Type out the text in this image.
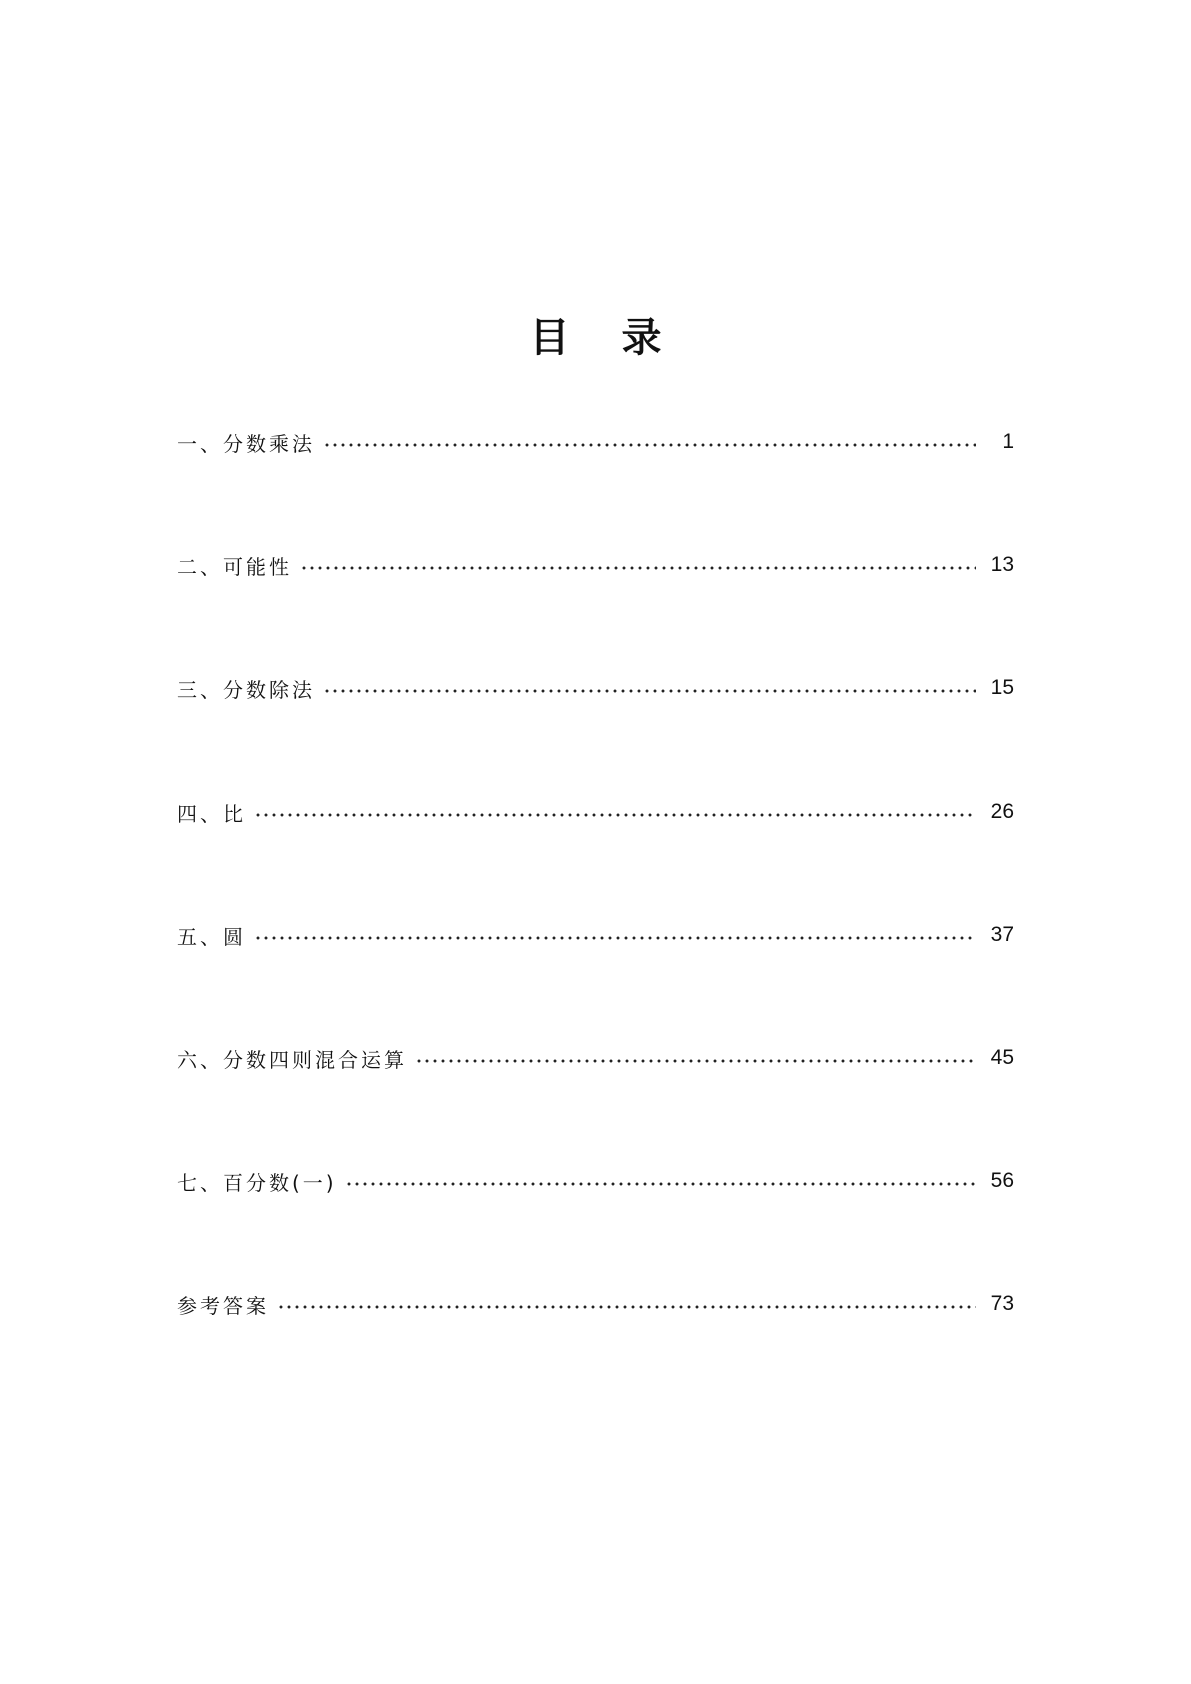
目 录
一、分数乘法	1
二、可能性	13
三、分数除法	15
四、比	26
五、圆	37
六、分数四则混合运算	45
七、百分数(一)	56
参考答案	73
